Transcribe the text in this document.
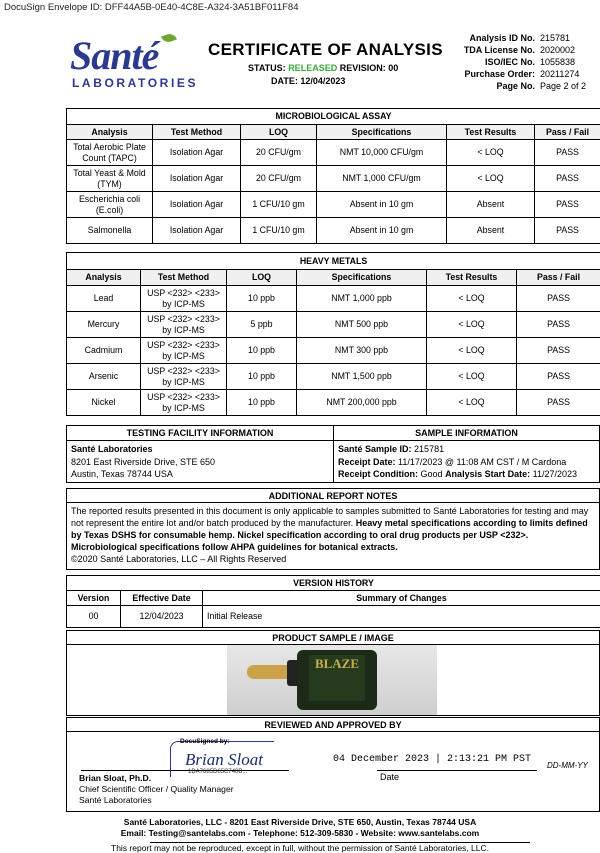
DocuSign Envelope ID: DFF44A5B-0E40-4C8E-A324-3A51BF011F84
Santé
LABORATORIES
CERTIFICATE OF ANALYSIS
STATUS: RELEASED REVISION: 00
DATE: 12/04/2023
Analysis ID No. 215781
TDA License No. 2020002
ISO/IEC No. 1055838
Purchase Order: 20211274
Page No. Page 2 of 2
MICROBIOLOGICAL ASSAY					
Analysis	Test Method	LOQ	Specifications	Test Results	Pass / Fail
Total Aerobic Plate Count (TAPC)	Isolation Agar	20 CFU/gm	NMT 10,000 CFU/gm	< LOQ	PASS
Total Yeast & Mold (TYM)	Isolation Agar	20 CFU/gm	NMT 1,000 CFU/gm	< LOQ	PASS
Escherichia coli (E.coli)	Isolation Agar	1 CFU/10 gm	Absent in 10 gm	Absent	PASS
Salmonella	Isolation Agar	1 CFU/10 gm	Absent in 10 gm	Absent	PASS
HEAVY METALS					
Analysis	Test Method	LOQ	Specifications	Test Results	Pass / Fail
Lead	USP <232> <233> by ICP-MS	10 ppb	NMT 1,000 ppb	< LOQ	PASS
Mercury	USP <232> <233> by ICP-MS	5 ppb	NMT 500 ppb	< LOQ	PASS
Cadmium	USP <232> <233> by ICP-MS	10 ppb	NMT 300 ppb	< LOQ	PASS
Arsenic	USP <232> <233> by ICP-MS	10 ppb	NMT 1,500 ppb	< LOQ	PASS
Nickel	USP <232> <233> by ICP-MS	10 ppb	NMT 200,000 ppb	< LOQ	PASS
TESTING FACILITY INFORMATION
Santé Laboratories
8201 East Riverside Drive, STE 650
Austin, Texas 78744 USA
SAMPLE INFORMATION
Santé Sample ID: 215781
Receipt Date: 11/17/2023 @ 11:08 AM CST / M Cardona
Receipt Condition: Good Analysis Start Date: 11/27/2023
ADDITIONAL REPORT NOTES
The reported results presented in this document is only applicable to samples submitted to Santé Laboratories for testing and may not represent the entire lot and/or batch produced by the manufacturer. Heavy metal specifications according to limits defined by Texas DSHS for consumable hemp. Nickel specification according to oral drug products per USP <232>. Microbiological specifications follow AHPA guidelines for botanical extracts.
©2020 Santé Laboratories, LLC – All Rights Reserved
VERSION HISTORY		
Version	Effective Date	Summary of Changes
00	12/04/2023	Initial Release
PRODUCT SAMPLE / IMAGE
BLAZE
REVIEWED AND APPROVED BY
DocuSigned by:
Brian Sloat
1DA7685D65C740B...
04 December 2023 | 2:13:21 PM PST
Date
DD-MM-YY
Brian Sloat, Ph.D.
Chief Scientific Officer / Quality Manager
Santé Laboratories
Santé Laboratories, LLC - 8201 East Riverside Drive, STE 650, Austin, Texas 78744 USA
Email: Testing@santelabs.com - Telephone: 512-309-5830 - Website: www.santelabs.com
This report may not be reproduced, except in full, without the permission of Santé Laboratories, LLC.
